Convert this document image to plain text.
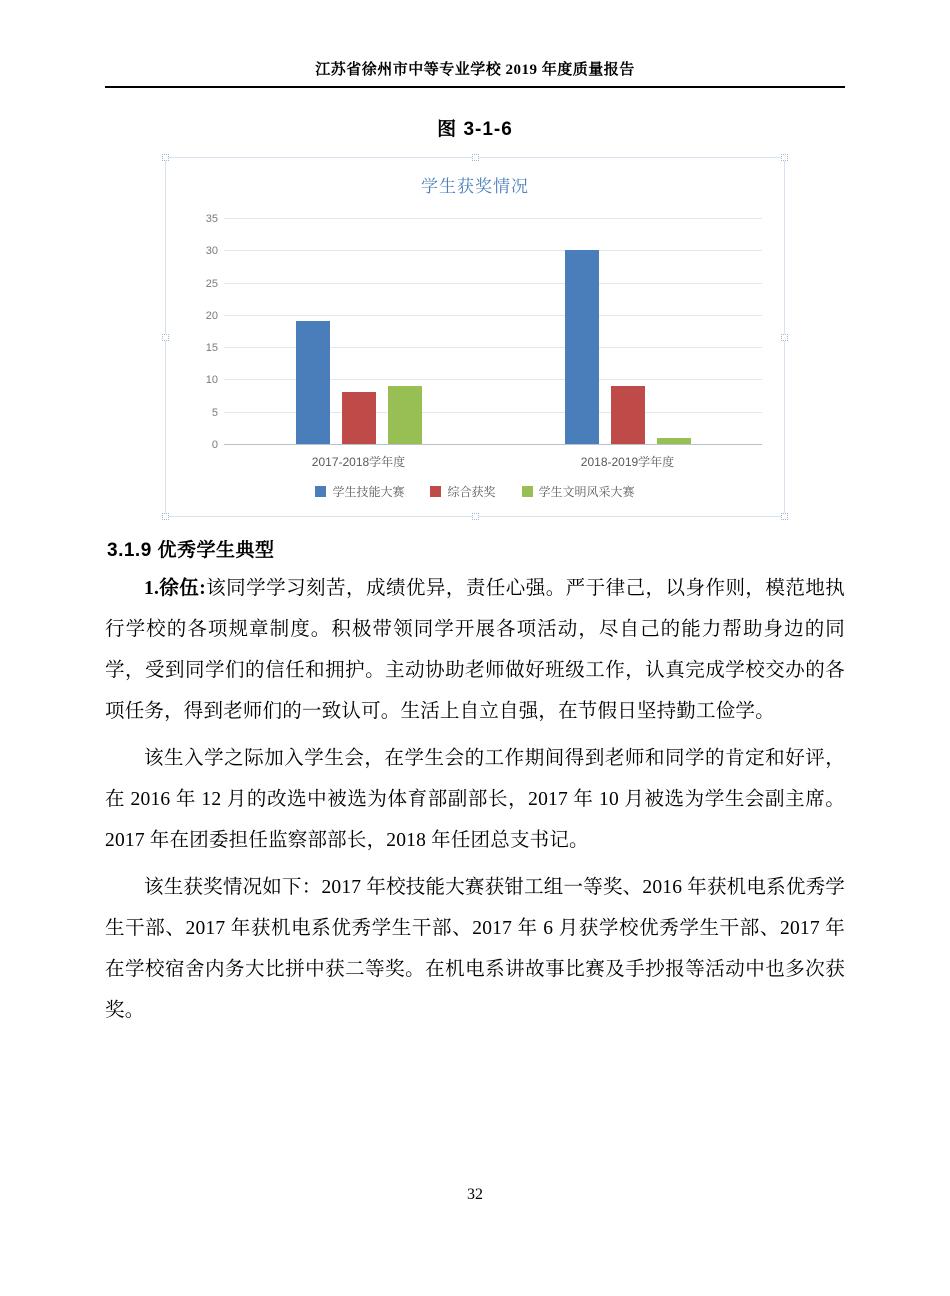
江苏省徐州市中等专业学校 2019 年度质量报告
图 3-1-6
学生获奖情况
0
5
10
15
20
25
30
35
2017-2018学年度	2018-2019学年度
学生技能大赛	综合获奖	学生文明风采大赛
3.1.9 优秀学生典型

1.徐伍:该同学学习刻苦，成绩优异，责任心强。严于律己，以身作则，模范地执行学校的各项规章制度。积极带领同学开展各项活动，尽自己的能力帮助身边的同学，受到同学们的信任和拥护。主动协助老师做好班级工作，认真完成学校交办的各项任务，得到老师们的一致认可。生活上自立自强，在节假日坚持勤工俭学。

该生入学之际加入学生会，在学生会的工作期间得到老师和同学的肯定和好评，在 2016 年 12 月的改选中被选为体育部副部长，2017 年 10 月被选为学生会副主席。2017 年在团委担任监察部部长，2018 年任团总支书记。

该生获奖情况如下：2017 年校技能大赛获钳工组一等奖、2016 年获机电系优秀学生干部、2017 年获机电系优秀学生干部、2017 年 6 月获学校优秀学生干部、2017 年在学校宿舍内务大比拼中获二等奖。在机电系讲故事比赛及手抄报等活动中也多次获奖。

32
